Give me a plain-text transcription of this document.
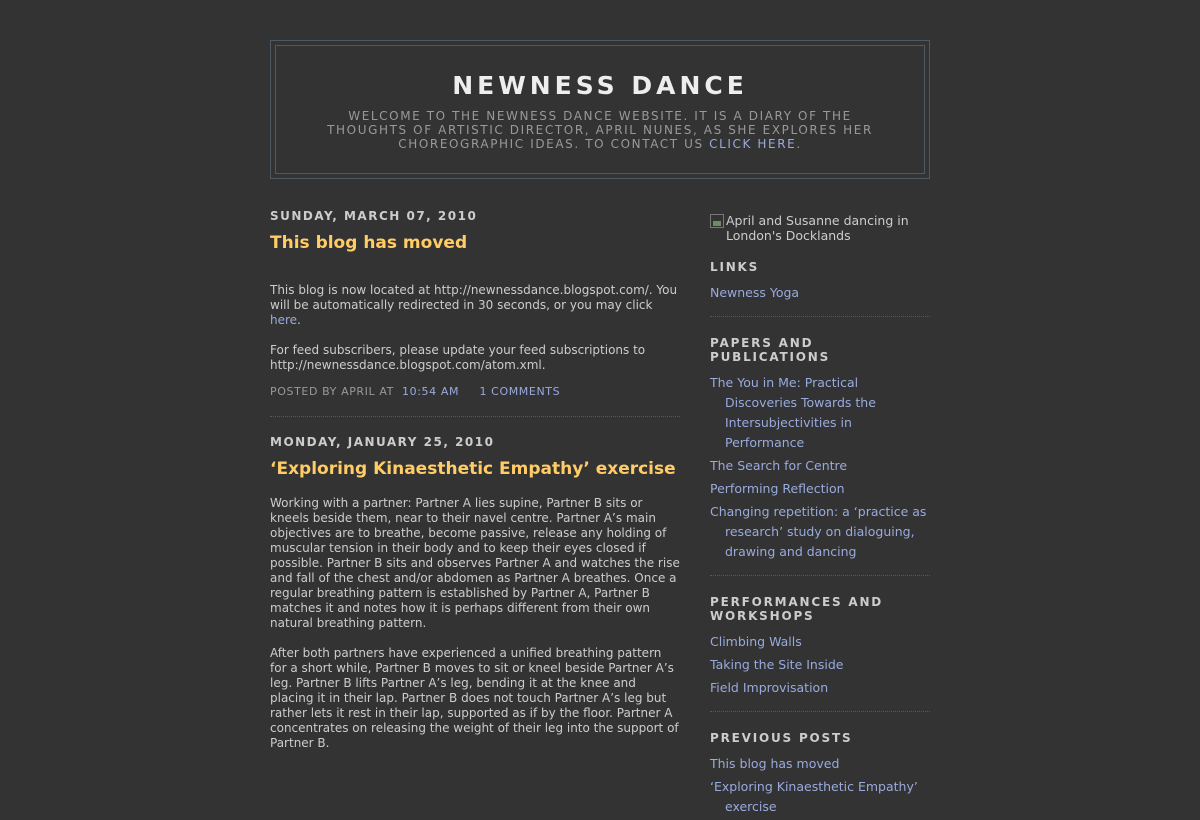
NEWNESS DANCE

WELCOME TO THE NEWNESS DANCE WEBSITE. IT IS A DIARY OF THE THOUGHTS OF ARTISTIC DIRECTOR, APRIL NUNES, AS SHE EXPLORES HER CHOREOGRAPHIC IDEAS. TO CONTACT US CLICK HERE.

SUNDAY, MARCH 07, 2010
This blog has moved

This blog is now located at http://newnessdance.blogspot.com/. You will be automatically redirected in 30 seconds, or you may click here.

For feed subscribers, please update your feed subscriptions to http://newnessdance.blogspot.com/atom.xml.

POSTED BY APRIL AT 10:54 AM 1 COMMENTS

MONDAY, JANUARY 25, 2010
‘Exploring Kinaesthetic Empathy’ exercise

Working with a partner: Partner A lies supine, Partner B sits or kneels beside them, near to their navel centre. Partner A’s main objectives are to breathe, become passive, release any holding of muscular tension in their body and to keep their eyes closed if possible. Partner B sits and observes Partner A and watches the rise and fall of the chest and/or abdomen as Partner A breathes. Once a regular breathing pattern is established by Partner A, Partner B matches it and notes how it is perhaps different from their own natural breathing pattern.

After both partners have experienced a unified breathing pattern for a short while, Partner B moves to sit or kneel beside Partner A’s leg. Partner B lifts Partner A’s leg, bending it at the knee and placing it in their lap. Partner B does not touch Partner A’s leg but rather lets it rest in their lap, supported as if by the floor. Partner A concentrates on releasing the weight of their leg into the support of Partner B.

April and Susanne dancing in London's Docklands
LINKS
Newness Yoga
PAPERS AND PUBLICATIONS
The You in Me: Practical Discoveries Towards the Intersubjectivities in Performance
The Search for Centre
Performing Reflection
Changing repetition: a ‘practice as research’ study on dialoguing, drawing and dancing
PERFORMANCES AND WORKSHOPS
Climbing Walls
Taking the Site Inside
Field Improvisation
PREVIOUS POSTS
This blog has moved
‘Exploring Kinaesthetic Empathy’ exercise
